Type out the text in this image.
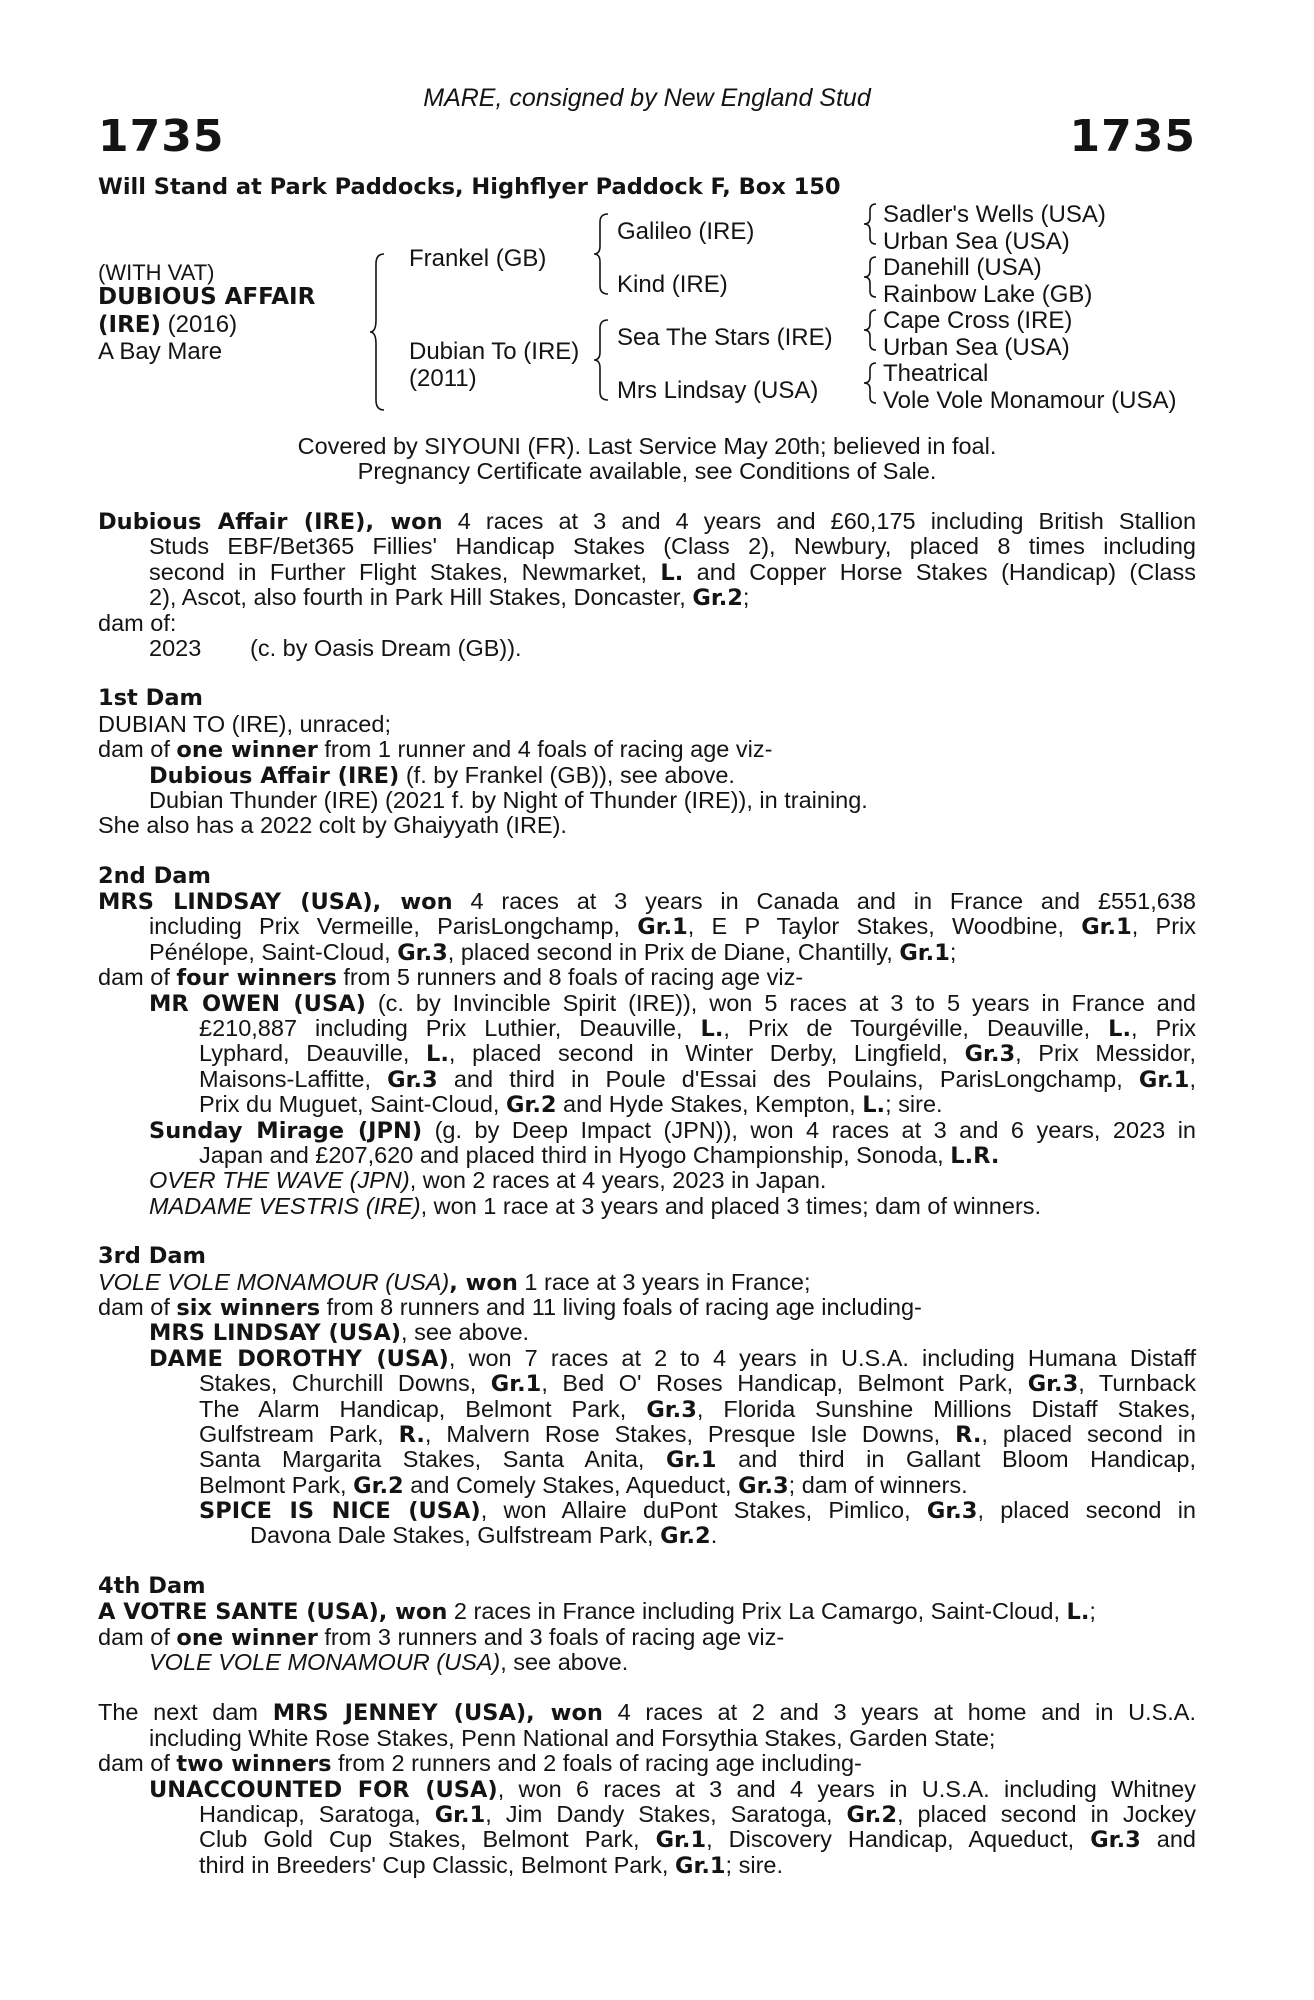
MARE, consigned by New England Stud
1735	1735
Will Stand at Park Paddocks, Highflyer Paddock F, Box 150
(WITH VAT)
DUBIOUS AFFAIR
(IRE) (2016)
A Bay Mare
Frankel (GB)
Dubian To (IRE)
(2011)
Galileo (IRE)
Kind (IRE)
Sea The Stars (IRE)
Mrs Lindsay (USA)
Sadler's Wells (USA)
Urban Sea (USA)
Danehill (USA)
Rainbow Lake (GB)
Cape Cross (IRE)
Urban Sea (USA)
Theatrical
Vole Vole Monamour (USA)
Covered by SIYOUNI (FR). Last Service May 20th; believed in foal.
Pregnancy Certificate available, see Conditions of Sale.
Dubious Affair (IRE), won 4 races at 3 and 4 years and £60,175 including British Stallion
Studs EBF/Bet365 Fillies' Handicap Stakes (Class 2), Newbury, placed 8 times including
second in Further Flight Stakes, Newmarket, L. and Copper Horse Stakes (Handicap) (Class
2), Ascot, also fourth in Park Hill Stakes, Doncaster, Gr.2;
dam of:
2023 (c. by Oasis Dream (GB)).
1st Dam
DUBIAN TO (IRE), unraced;
dam of one winner from 1 runner and 4 foals of racing age viz-
Dubious Affair (IRE) (f. by Frankel (GB)), see above.
Dubian Thunder (IRE) (2021 f. by Night of Thunder (IRE)), in training.
She also has a 2022 colt by Ghaiyyath (IRE).
2nd Dam
MRS LINDSAY (USA), won 4 races at 3 years in Canada and in France and £551,638
including Prix Vermeille, ParisLongchamp, Gr.1, E P Taylor Stakes, Woodbine, Gr.1, Prix
Pénélope, Saint-Cloud, Gr.3, placed second in Prix de Diane, Chantilly, Gr.1;
dam of four winners from 5 runners and 8 foals of racing age viz-
MR OWEN (USA) (c. by Invincible Spirit (IRE)), won 5 races at 3 to 5 years in France and
£210,887 including Prix Luthier, Deauville, L., Prix de Tourgéville, Deauville, L., Prix
Lyphard, Deauville, L., placed second in Winter Derby, Lingfield, Gr.3, Prix Messidor,
Maisons-Laffitte, Gr.3 and third in Poule d'Essai des Poulains, ParisLongchamp, Gr.1,
Prix du Muguet, Saint-Cloud, Gr.2 and Hyde Stakes, Kempton, L.; sire.
Sunday Mirage (JPN) (g. by Deep Impact (JPN)), won 4 races at 3 and 6 years, 2023 in
Japan and £207,620 and placed third in Hyogo Championship, Sonoda, L.R.
OVER THE WAVE (JPN), won 2 races at 4 years, 2023 in Japan.
MADAME VESTRIS (IRE), won 1 race at 3 years and placed 3 times; dam of winners.
3rd Dam
VOLE VOLE MONAMOUR (USA), won 1 race at 3 years in France;
dam of six winners from 8 runners and 11 living foals of racing age including-
MRS LINDSAY (USA), see above.
DAME DOROTHY (USA), won 7 races at 2 to 4 years in U.S.A. including Humana Distaff
Stakes, Churchill Downs, Gr.1, Bed O' Roses Handicap, Belmont Park, Gr.3, Turnback
The Alarm Handicap, Belmont Park, Gr.3, Florida Sunshine Millions Distaff Stakes,
Gulfstream Park, R., Malvern Rose Stakes, Presque Isle Downs, R., placed second in
Santa Margarita Stakes, Santa Anita, Gr.1 and third in Gallant Bloom Handicap,
Belmont Park, Gr.2 and Comely Stakes, Aqueduct, Gr.3; dam of winners.
SPICE IS NICE (USA), won Allaire duPont Stakes, Pimlico, Gr.3, placed second in
Davona Dale Stakes, Gulfstream Park, Gr.2.
4th Dam
A VOTRE SANTE (USA), won 2 races in France including Prix La Camargo, Saint-Cloud, L.;
dam of one winner from 3 runners and 3 foals of racing age viz-
VOLE VOLE MONAMOUR (USA), see above.
The next dam MRS JENNEY (USA), won 4 races at 2 and 3 years at home and in U.S.A.
including White Rose Stakes, Penn National and Forsythia Stakes, Garden State;
dam of two winners from 2 runners and 2 foals of racing age including-
UNACCOUNTED FOR (USA), won 6 races at 3 and 4 years in U.S.A. including Whitney
Handicap, Saratoga, Gr.1, Jim Dandy Stakes, Saratoga, Gr.2, placed second in Jockey
Club Gold Cup Stakes, Belmont Park, Gr.1, Discovery Handicap, Aqueduct, Gr.3 and
third in Breeders' Cup Classic, Belmont Park, Gr.1; sire.
